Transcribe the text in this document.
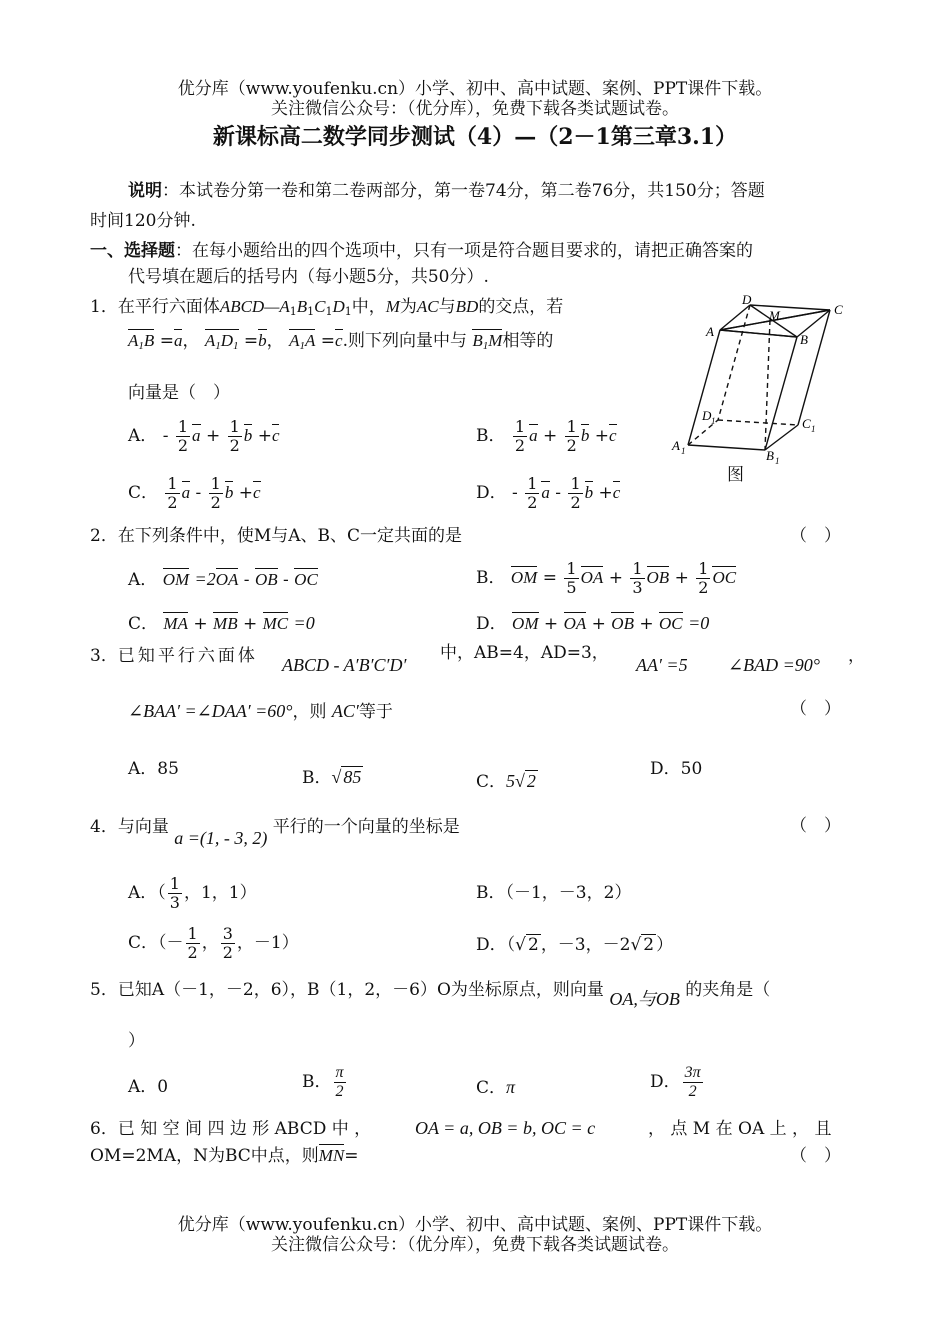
优分库（www.youfenku.cn）小学、初中、高中试题、案例、PPT课件下载。
关注微信公众号：（优分库），免费下载各类试题试卷。
新课标高二数学同步测试（4）—（2－1第三章3.1）
说明：本试卷分第一卷和第二卷两部分，第一卷74分，第二卷76分，共150分；答题
时间120分钟.
一、选择题：在每小题给出的四个选项中，只有一项是符合题目要求的，请把正确答案的
代号填在题后的括号内（每小题5分，共50分）.
1．在平行六面体$ABCD—A_1B_1C_1D_1$中，M为AC与BD的交点，若
$A_1B =a$， $A_1D_1 =b$， $A_1A =c$.则下列向量中与 $B_1M$相等的
向量是（　）
A． - $\frac{1}{2}$ $a + \frac{1}{2}$ b +c	B． $\frac{1}{2}$ $a + \frac{1}{2}$ b +c
C． $\frac{1}{2}$ a - $\frac{1}{2}$ b +c	D． - $\frac{1}{2}$ a - $\frac{1}{2}$ b +c
D
M	C
A
B
D 1	C 1
A 1	B 1
图
2．在下列条件中，使M与A、B、C一定共面的是	（　）
A． OM =2OA - OB - OC	B． OM = $\frac{1}{5}$ OA + $\frac{1}{3}$ OB + $\frac{1}{2}$ OC
C． MA + MB + MC =0	D． OM + OA + OB + OC =0
3．已知平行六面体 ABCD - A′B′C′D′
中，AB=4，AD=3，
AA′ =5 ∠BAD =90° ，
∠BAA′ =∠DAA′ =60°，则 AC′等于	（　）
A．85	B．√ 85	C．5√ 2
D．50
4．与向量 a =(1, - 3, 2) 平行的一个向量的坐标是	（　）
A．（ $\frac{1}{3}$ ，1，1）	B．（－1，－3，2）
C．（－ $\frac{1}{2}$ ， $\frac{3}{2}$ ，－1）	D．（√ 2 ，－3，－2√ 2 ）
5．已知A（－1，－2，6），B（1，2，－6）O为坐标原点，则向量 OA,与OB 的夹角是（
）
A．0	B． $\frac{\pi}{2}$	C．π	D． $\frac{3\pi}{2}$
6．已 知 空 间 四 边 形 ABCD 中 ， OA = a, OB = b, OC = c	， 点 M 在 OA 上 ， 且
OM=2MA，N为BC中点，则MN=	（　）
优分库（www.youfenku.cn）小学、初中、高中试题、案例、PPT课件下载。
关注微信公众号：（优分库），免费下载各类试题试卷。
